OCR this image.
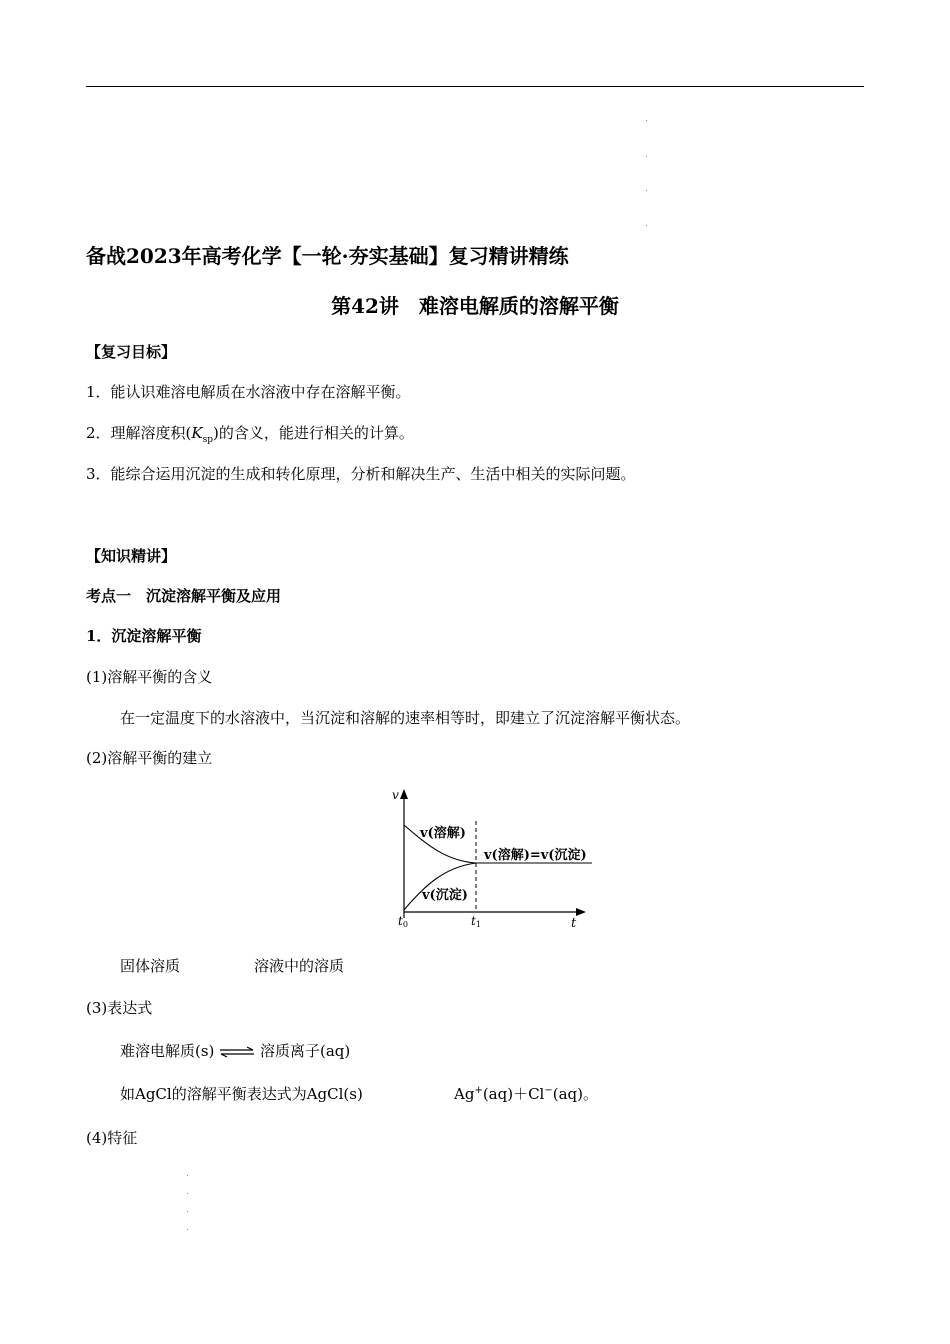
备战2023年高考化学【一轮·夯实基础】复习精讲精练
第42讲　难溶电解质的溶解平衡
【复习目标】
1．能认识难溶电解质在水溶液中存在溶解平衡。
2．理解溶度积$(K_{sp})$的含义，能进行相关的计算。
3．能综合运用沉淀的生成和转化原理，分析和解决生产、生活中相关的实际问题。
【知识精讲】
考点一　沉淀溶解平衡及应用
1．沉淀溶解平衡
(1)溶解平衡的含义
在一定温度下的水溶液中，当沉淀和溶解的速率相等时，即建立了沉淀溶解平衡状态。
(2)溶解平衡的建立
v
t
v(溶解)
v(沉淀)
v(溶解)=v(沉淀)
t0	t1
固体溶质	溶液中的溶质
(3)表达式
难溶电解质(s) ⇌ 溶质离子(aq)
如AgCl的溶解平衡表达式为AgCl(s)	Ag+(aq)＋Cl−(aq)。
(4)特征
